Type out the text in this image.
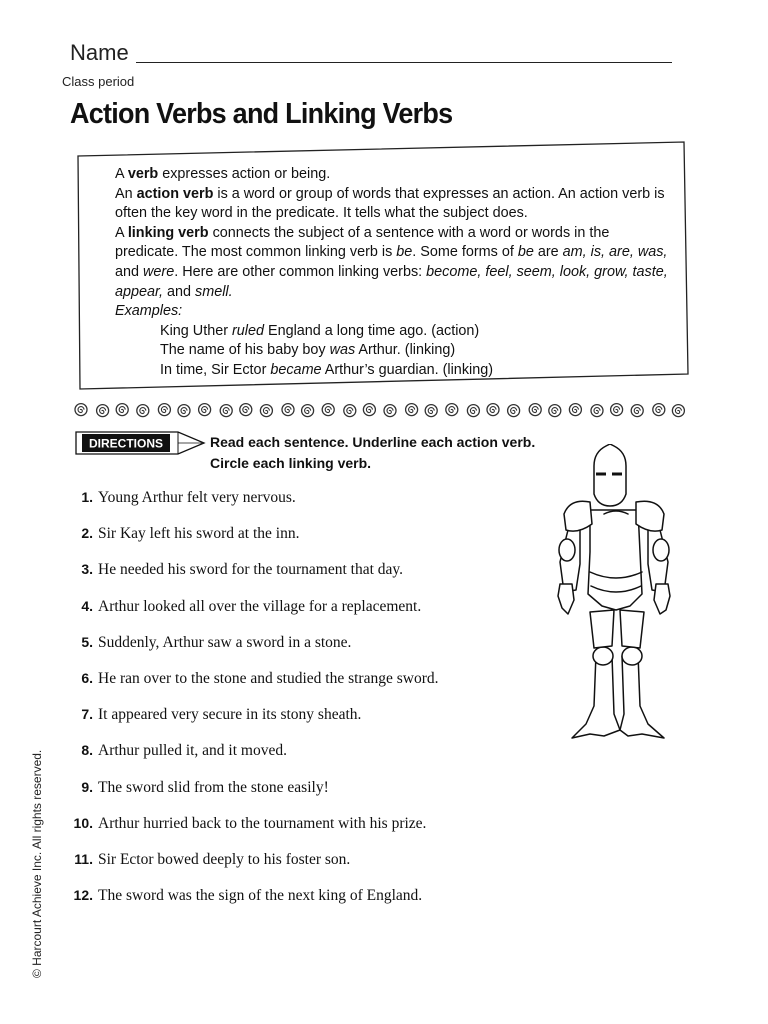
Name
Class period
Action Verbs and Linking Verbs

A verb expresses action or being.

An action verb is a word or group of words that expresses an action. An action verb is often the key word in the predicate. It tells what the subject does.

A linking verb connects the subject of a sentence with a word or words in the predicate. The most common linking verb is be. Some forms of be are am, is, are, was, and were. Here are other common linking verbs: become, feel, seem, look, grow, taste, appear, and smell.

Examples:

King Uther ruled England a long time ago. (action)

The name of his baby boy was Arthur. (linking)

In time, Sir Ector became Arthur’s guardian. (linking)

DIRECTIONS	Read each sentence. Underline each action verb.
Circle each linking verb.
1. Young Arthur felt very nervous.
2. Sir Kay left his sword at the inn.
3. He needed his sword for the tournament that day.
4. Arthur looked all over the village for a replacement.
5. Suddenly, Arthur saw a sword in a stone.
6. He ran over to the stone and studied the strange sword.
7. It appeared very secure in its stony sheath.
8. Arthur pulled it, and it moved.
9. The sword slid from the stone easily!
10. Arthur hurried back to the tournament with his prize.
11. Sir Ector bowed deeply to his foster son.
12. The sword was the sign of the next king of England.
© Harcourt Achieve Inc. All rights reserved.
